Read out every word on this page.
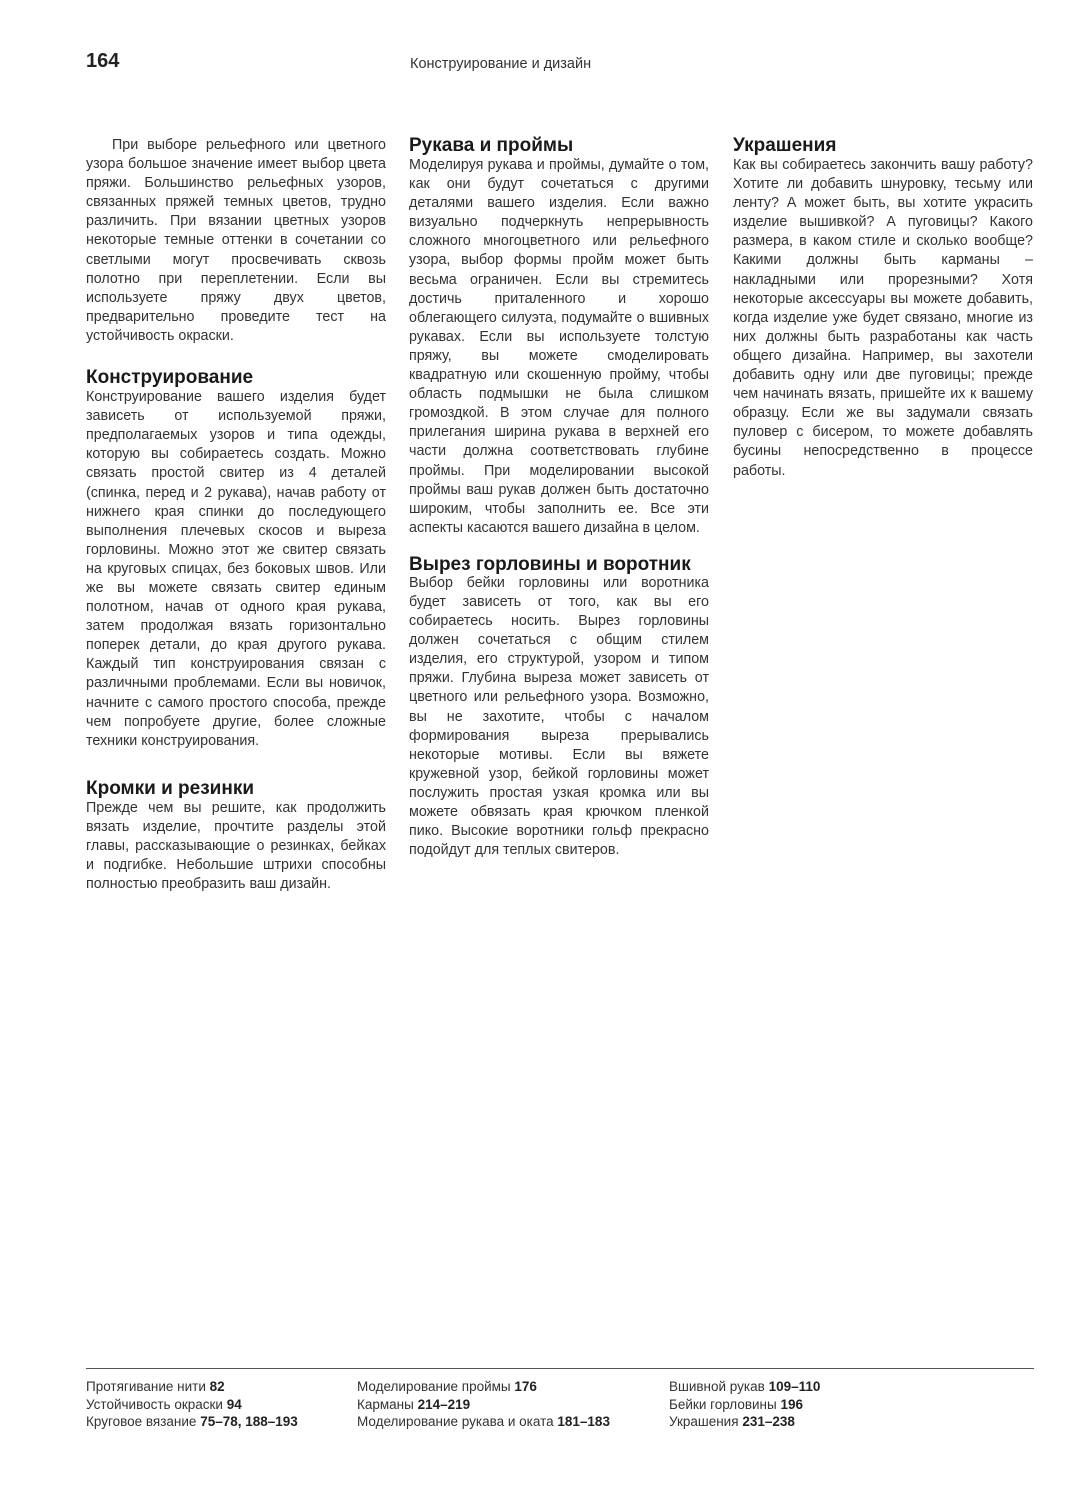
164	Конструирование и дизайн

При выборе рельефного или цветного узора большое значение имеет выбор цвета пряжи. Большинство рельефных узоров, связанных пряжей темных цветов, трудно различить. При вязании цветных узоров некоторые темные оттенки в сочетании со светлыми могут просвечивать сквозь полотно при переплетении. Если вы используете пряжу двух цветов, предварительно проведите тест на устойчивость окраски.

Конструирование

Конструирование вашего изделия будет зависеть от используемой пряжи, предполагаемых узоров и типа одежды, которую вы собираетесь создать. Можно связать простой свитер из 4 деталей (спинка, перед и 2 рукава), начав работу от нижнего края спинки до последующего выполнения плечевых скосов и выреза горловины. Можно этот же свитер связать на круговых спицах, без боковых швов. Или же вы можете связать свитер единым полотном, начав от одного края рукава, затем продолжая вязать горизонтально поперек детали, до края другого рукава. Каждый тип конструирования связан с различными проблемами. Если вы новичок, начните с самого простого способа, прежде чем попробуете другие, более сложные техники конструирования.

Кромки и резинки

Прежде чем вы решите, как продолжить вязать изделие, прочтите разделы этой главы, рассказывающие о резинках, бейках и подгибке. Небольшие штрихи способны полностью преобразить ваш дизайн.

Рукава и проймы

Моделируя рукава и проймы, думайте о том, как они будут сочетаться с другими деталями вашего изделия. Если важно визуально подчеркнуть непрерывность сложного многоцветного или рельефного узора, выбор формы пройм может быть весьма ограничен. Если вы стремитесь достичь приталенного и хорошо облегающего силуэта, подумайте о вшивных рукавах. Если вы используете толстую пряжу, вы можете смоделировать квадратную или скошенную пройму, чтобы область подмышки не была слишком громоздкой. В этом случае для полного прилегания ширина рукава в верхней его части должна соответствовать глубине проймы. При моделировании высокой проймы ваш рукав должен быть достаточно широким, чтобы заполнить ее. Все эти аспекты касаются вашего дизайна в целом.

Вырез горловины и воротник

Выбор бейки горловины или воротника будет зависеть от того, как вы его собираетесь носить. Вырез горловины должен сочетаться с общим стилем изделия, его структурой, узором и типом пряжи. Глубина выреза может зависеть от цветного или рельефного узора. Возможно, вы не захотите, чтобы с началом формирования выреза прерывались некоторые мотивы. Если вы вяжете кружевной узор, бейкой горловины может послужить простая узкая кромка или вы можете обвязать края крючком пленкой пико. Высокие воротники гольф прекрасно подойдут для теплых свитеров.

Украшения

Как вы собираетесь закончить вашу работу? Хотите ли добавить шнуровку, тесьму или ленту? А может быть, вы хотите украсить изделие вышивкой? А пуговицы? Какого размера, в каком стиле и сколько вообще? Какими должны быть карманы – накладными или прорезными? Хотя некоторые аксессуары вы можете добавить, когда изделие уже будет связано, многие из них должны быть разработаны как часть общего дизайна. Например, вы захотели добавить одну или две пуговицы; прежде чем начинать вязать, пришейте их к вашему образцу. Если же вы задумали связать пуловер с бисером, то можете добавлять бусины непосредственно в процессе работы.

Протягивание нити 82
Устойчивость окраски 94
Круговое вязание 75–78, 188–193
Моделирование проймы 176
Карманы 214–219
Моделирование рукава и оката 181–183
Вшивной рукав 109–110
Бейки горловины 196
Украшения 231–238
